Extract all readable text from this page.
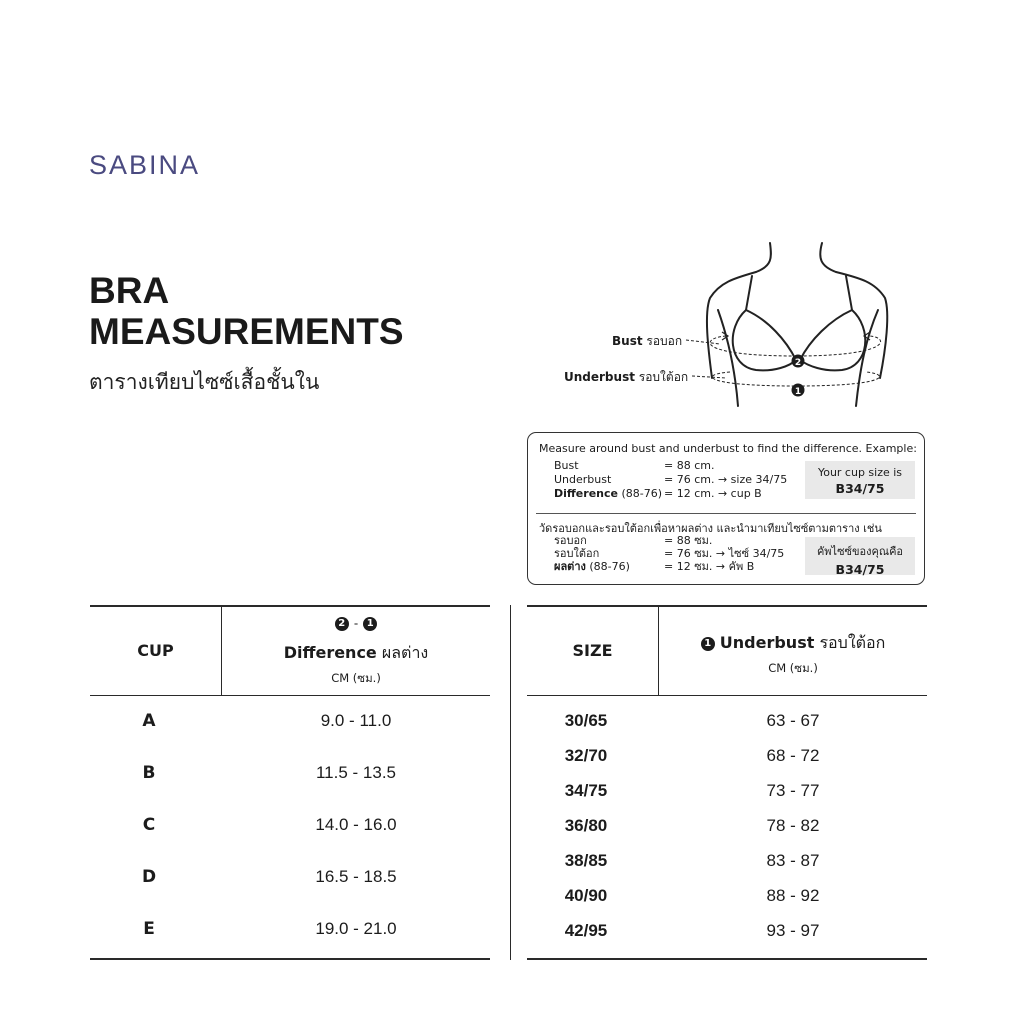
SABINA
BRA
MEASUREMENTS
ตารางเทียบไซซ์เสื้อชั้นใน
2
1
Bust รอบอก
Underbust รอบใต้อก
Measure around bust and underbust to find the difference. Example:
Bust	= 88 cm.
Underbust	= 76 cm. → size 34/75
Difference (88-76) = 12 cm. → cup B
Your cup size is
B34/75
วัดรอบอกและรอบใต้อกเพื่อหาผลต่าง และนำมาเทียบไซซ์ตามตาราง เช่น
รอบอก	= 88 ซม.
รอบใต้อก	= 76 ซม. → ไซซ์ 34/75
ผลต่าง (88-76)	= 12 ซม. → คัพ B
คัพไซซ์ของคุณคือ
B34/75
CUP
2 - 1
Difference ผลต่าง
CM (ซม.)
A	9.0 - 11.0
B	11.5 - 13.5
C	14.0 - 16.0
D	16.5 - 18.5
E	19.0 - 21.0
SIZE	1 Underbust รอบใต้อก
CM (ซม.)
30/65	63 - 67
32/70	68 - 72
34/75	73 - 77
36/80	78 - 82
38/85	83 - 87
40/90	88 - 92
42/95	93 - 97
